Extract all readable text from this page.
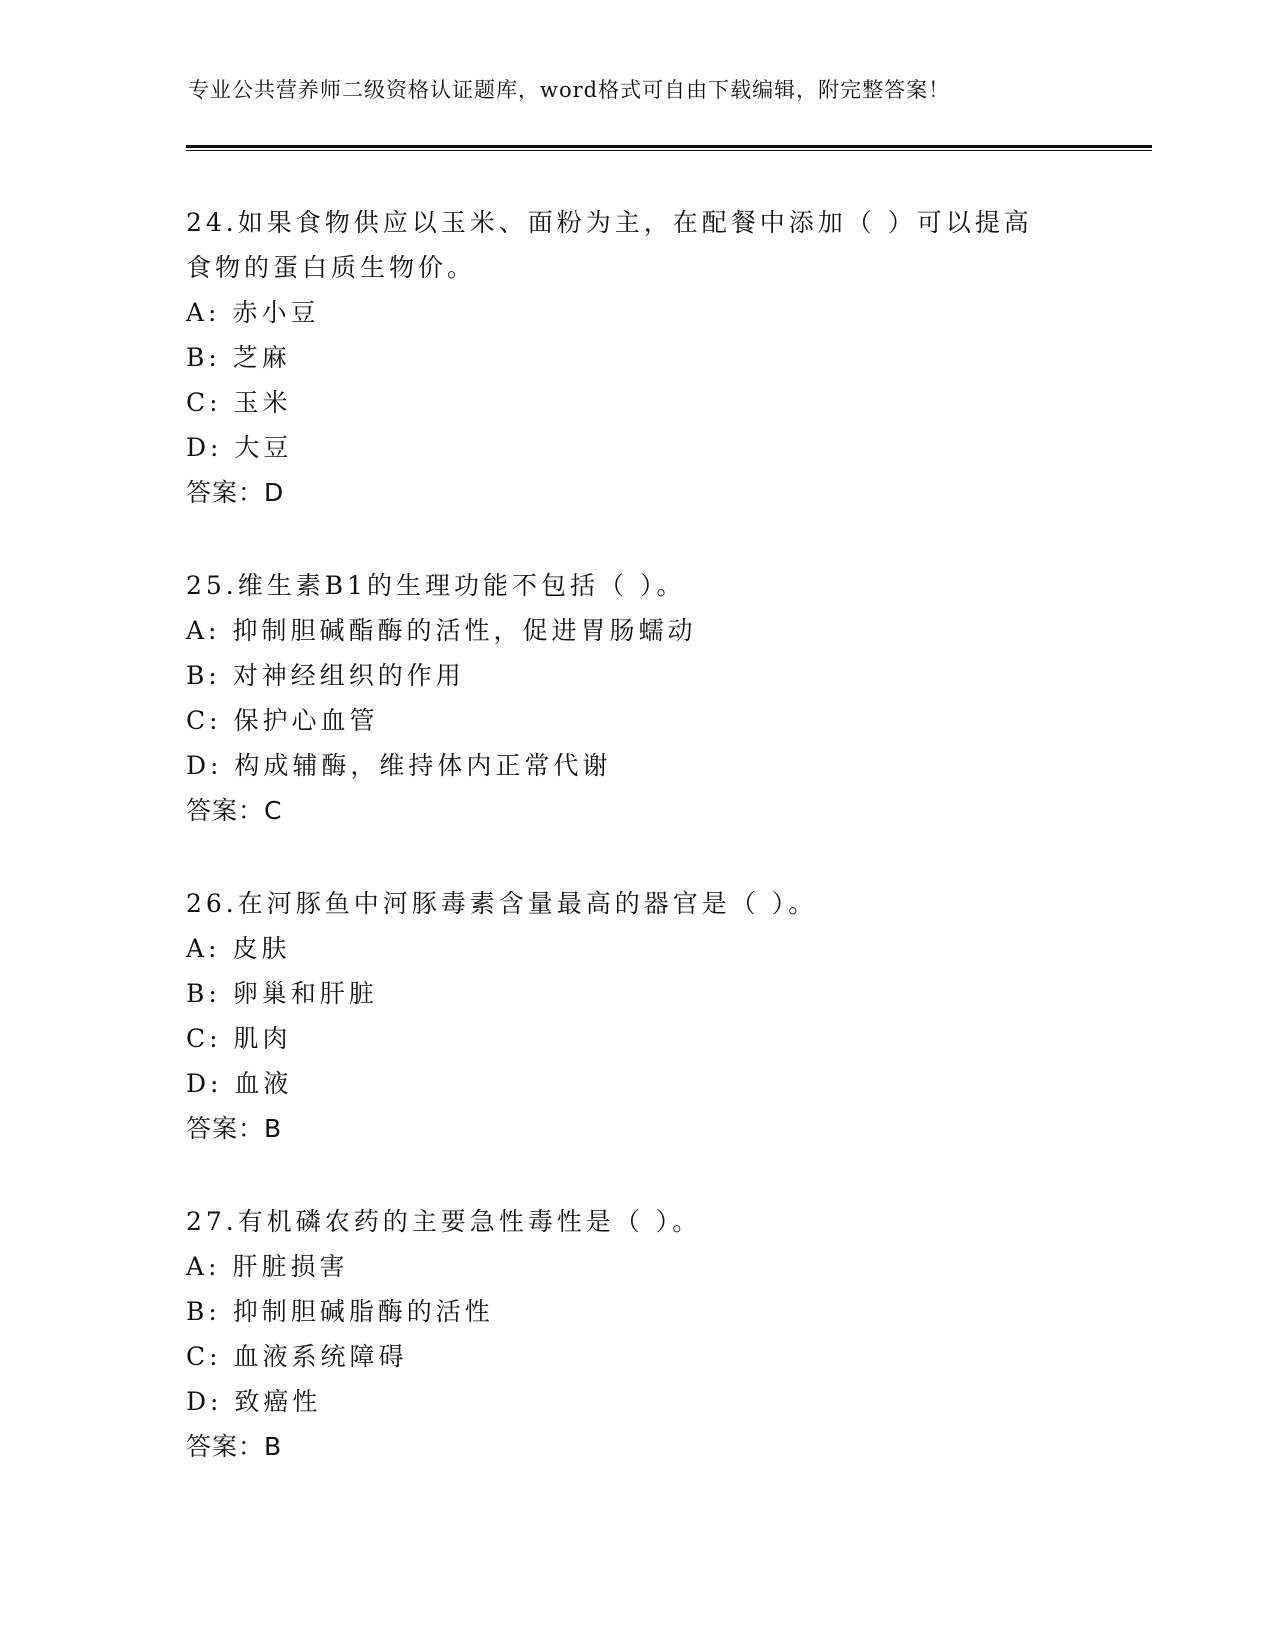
专业公共营养师二级资格认证题库，word格式可自由下载编辑，附完整答案！
24.如果食物供应以玉米、面粉为主，在配餐中添加（ ）可以提高
食物的蛋白质生物价。
A: 赤小豆
B: 芝麻
C: 玉米
D: 大豆
答案：D
25.维生素B1的生理功能不包括（ ）。
A: 抑制胆碱酯酶的活性，促进胃肠蠕动
B: 对神经组织的作用
C: 保护心血管
D: 构成辅酶，维持体内正常代谢
答案：C
26.在河豚鱼中河豚毒素含量最高的器官是（ ）。
A: 皮肤
B: 卵巢和肝脏
C: 肌肉
D: 血液
答案：B
27.有机磷农药的主要急性毒性是（ ）。
A: 肝脏损害
B: 抑制胆碱脂酶的活性
C: 血液系统障碍
D: 致癌性
答案：B
